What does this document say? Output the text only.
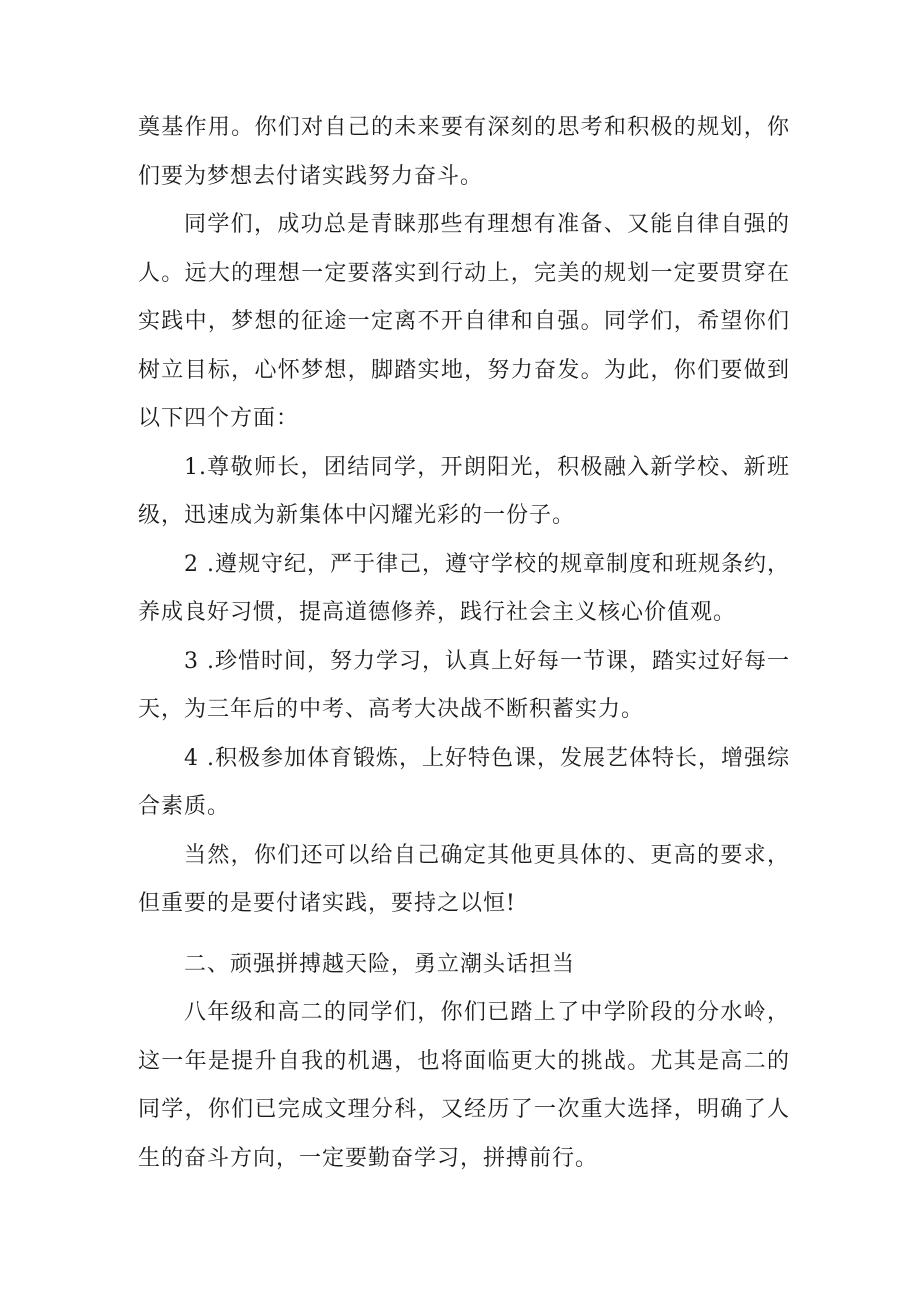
奠基作用。你们对自己的未来要有深刻的思考和积极的规划，你们要为梦想去付诸实践努力奋斗。

同学们，成功总是青睐那些有理想有准备、又能自律自强的人。远大的理想一定要落实到行动上，完美的规划一定要贯穿在实践中，梦想的征途一定离不开自律和自强。同学们，希望你们树立目标，心怀梦想，脚踏实地，努力奋发。为此，你们要做到以下四个方面：

1.尊敬师长，团结同学，开朗阳光，积极融入新学校、新班级，迅速成为新集体中闪耀光彩的一份子。

2 .遵规守纪，严于律己，遵守学校的规章制度和班规条约，养成良好习惯，提高道德修养，践行社会主义核心价值观。

3 .珍惜时间，努力学习，认真上好每一节课，踏实过好每一天，为三年后的中考、高考大决战不断积蓄实力。

4 .积极参加体育锻炼，上好特色课，发展艺体特长，增强综合素质。

当然，你们还可以给自己确定其他更具体的、更高的要求，但重要的是要付诸实践，要持之以恒!

二、顽强拼搏越天险，勇立潮头话担当

八年级和高二的同学们，你们已踏上了中学阶段的分水岭，这一年是提升自我的机遇，也将面临更大的挑战。尤其是高二的同学，你们已完成文理分科，又经历了一次重大选择，明确了人生的奋斗方向，一定要勤奋学习，拼搏前行。
